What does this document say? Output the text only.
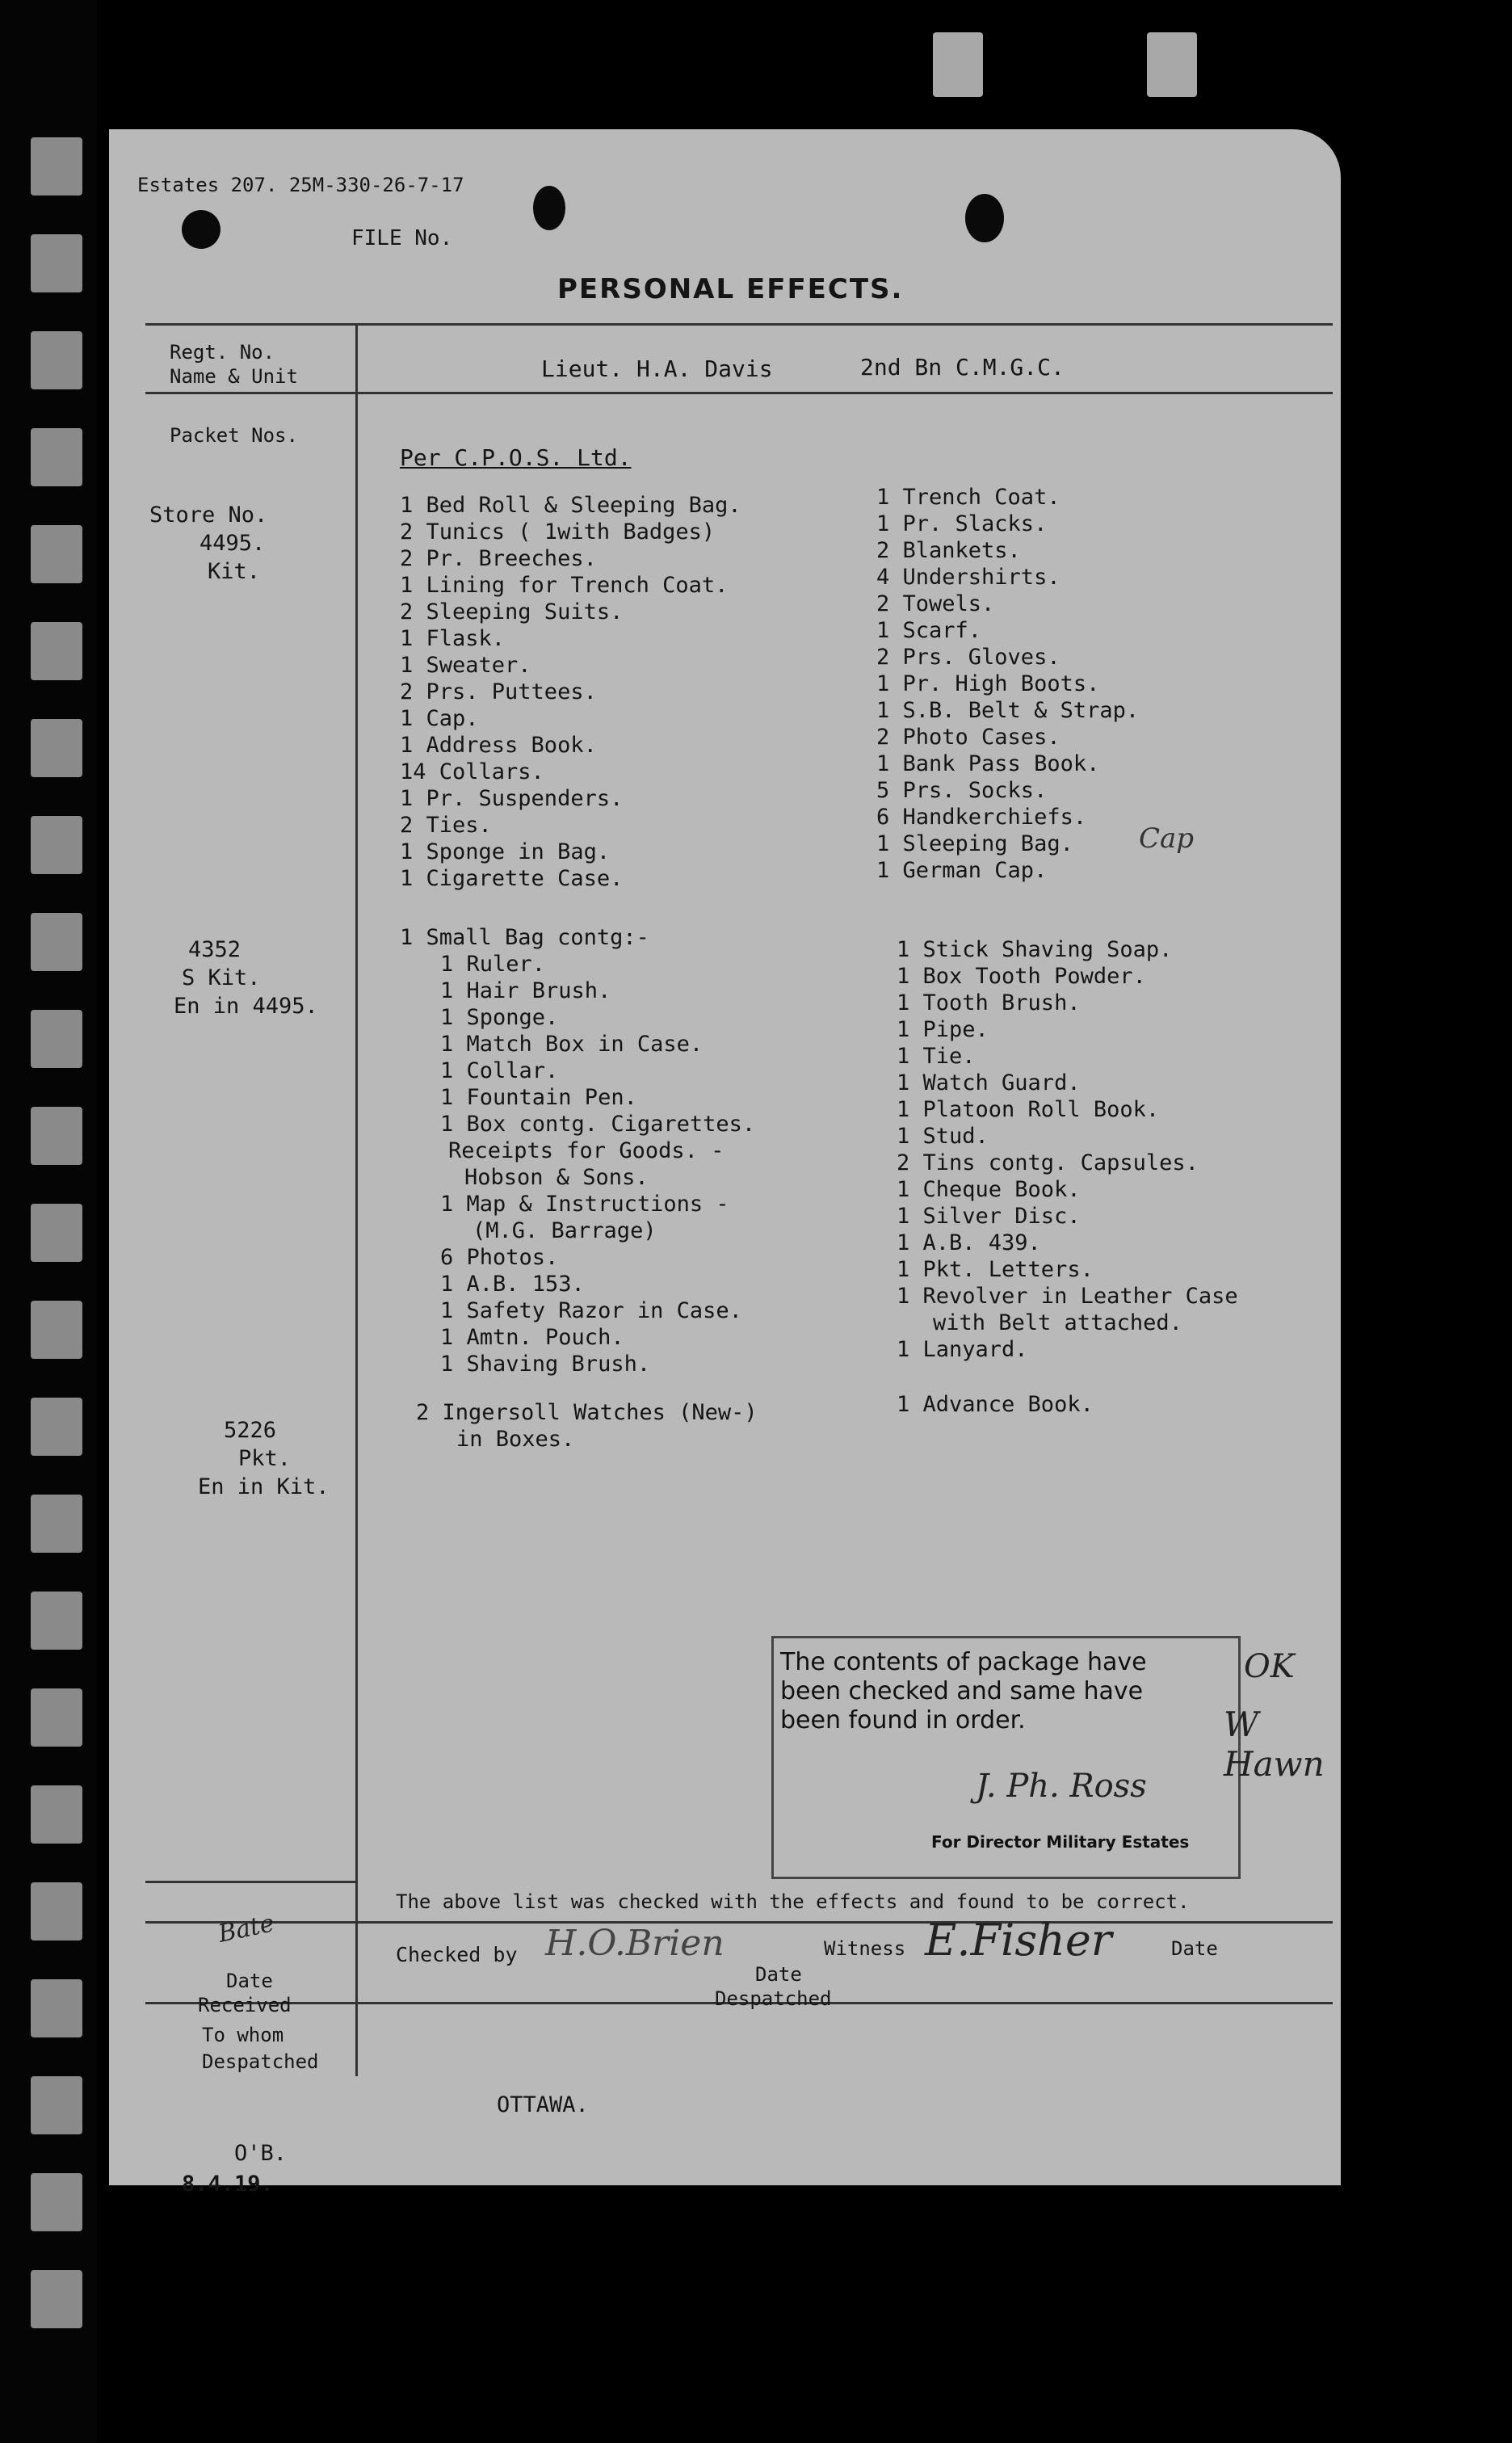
Estates 207. 25M-330-26-7-17
FILE No.
PERSONAL EFFECTS.
Regt. No.
Name & Unit
Packet Nos.
Lieut. H.A. Davis	2nd Bn C.M.G.C.
Per C.P.O.S. Ltd.
Store No.
4495.
Kit.
4352
S Kit.
En in 4495.
5226
Pkt.
En in Kit.
1 Bed Roll & Sleeping Bag.
2 Tunics ( 1with Badges)
2 Pr. Breeches.
1 Lining for Trench Coat.
2 Sleeping Suits.
1 Flask.
1 Sweater.
2 Prs. Puttees.
1 Cap.
1 Address Book.
14 Collars.
1 Pr. Suspenders.
2 Ties.
1 Sponge in Bag.
1 Cigarette Case.
1 Trench Coat.
1 Pr. Slacks.
2 Blankets.
4 Undershirts.
2 Towels.
1 Scarf.
2 Prs. Gloves.
1 Pr. High Boots.
1 S.B. Belt & Strap.
2 Photo Cases.
1 Bank Pass Book.
5 Prs. Socks.
6 Handkerchiefs.
1 Sleeping Bag.
1 German Cap.
Cap
1 Small Bag contg:-
1 Ruler.
1 Hair Brush.
1 Sponge.
1 Match Box in Case.
1 Collar.
1 Fountain Pen.
1 Box contg. Cigarettes.
Receipts for Goods. -
Hobson & Sons.
1 Map & Instructions -
(M.G. Barrage)
6 Photos.
1 A.B. 153.
1 Safety Razor in Case.
1 Amtn. Pouch.
1 Shaving Brush.
1 Stick Shaving Soap.
1 Box Tooth Powder.
1 Tooth Brush.
1 Pipe.
1 Tie.
1 Watch Guard.
1 Platoon Roll Book.
1 Stud.
2 Tins contg. Capsules.
1 Cheque Book.
1 Silver Disc.
1 A.B. 439.
1 Pkt. Letters.
1 Revolver in Leather Case
with Belt attached.
1 Lanyard.
2 Ingersoll Watches (New-)
in Boxes.
1 Advance Book.
The contents of package have
been checked and same have
been found in order.
J. Ph. Ross
For Director Military Estates
OK
W Hawn
Bate
The above list was checked with the effects and found to be correct.
Checked by H.O.Brien	Witness E.Fisher	Date
Date
Received
Date
Despatched
To whom
Despatched
OTTAWA.
O'B.
8.4.19.
